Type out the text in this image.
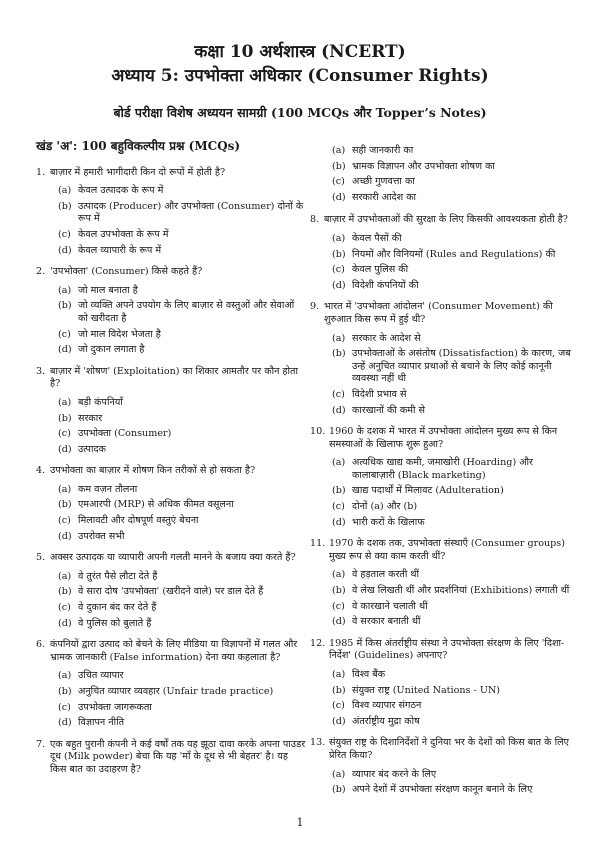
कक्षा 10 अर्थशास्त्र (NCERT)
अध्याय 5: उपभोक्ता अधिकार (Consumer Rights)
बोर्ड परीक्षा विशेष अध्ययन सामग्री (100 MCQs और Topper’s Notes)
खंड 'अ': 100 बहुविकल्पीय प्रश्न (MCQs)
1. बाज़ार में हमारी भागीदारी किन दो रूपों में होती है?
(a) केवल उत्पादक के रूप में
(b) उत्पादक (Producer) और उपभोक्ता (Consumer) दोनों के रूप में
(c) केवल उपभोक्ता के रूप में
(d) केवल व्यापारी के रूप में
2. 'उपभोक्ता' (Consumer) किसे कहते हैं?
(a) जो माल बनाता है
(b) जो व्यक्ति अपने उपयोग के लिए बाज़ार से वस्तुओं और सेवाओं को खरीदता है
(c) जो माल विदेश भेजता है
(d) जो दुकान लगाता है
3. बाज़ार में 'शोषण' (Exploitation) का शिकार आमतौर पर कौन होता है?
(a) बड़ी कंपनियाँ
(b) सरकार
(c) उपभोक्ता (Consumer)
(d) उत्पादक
4. उपभोक्ता का बाज़ार में शोषण किन तरीकों से हो सकता है?
(a) कम वज़न तौलना
(b) एमआरपी (MRP) से अधिक कीमत वसूलना
(c) मिलावटी और दोषपूर्ण वस्तुएं बेचना
(d) उपरोक्त सभी
5. अक्सर उत्पादक या व्यापारी अपनी गलती मानने के बजाय क्या करते हैं?
(a) वे तुरंत पैसे लौटा देते हैं
(b) वे सारा दोष 'उपभोक्ता' (खरीदने वाले) पर डाल देते हैं
(c) वे दुकान बंद कर देते हैं
(d) वे पुलिस को बुलाते हैं
6. कंपनियों द्वारा उत्पाद को बेचने के लिए मीडिया या विज्ञापनों में गलत और भ्रामक जानकारी (False information) देना क्या कहलाता है?
(a) उचित व्यापार
(b) अनुचित व्यापार व्यवहार (Unfair trade practice)
(c) उपभोक्ता जागरूकता
(d) विज्ञापन नीति
7. एक बहुत पुरानी कंपनी ने कई वर्षों तक यह झूठा दावा करके अपना पाउडर दूध (Milk powder) बेचा कि यह 'माँ के दूध से भी बेहतर' है। यह किस बात का उदाहरण है?
(a) सही जानकारी का
(b) भ्रामक विज्ञापन और उपभोक्ता शोषण का
(c) अच्छी गुणवत्ता का
(d) सरकारी आदेश का
8. बाज़ार में उपभोक्ताओं की सुरक्षा के लिए किसकी आवश्यकता होती है?
(a) केवल पैसों की
(b) नियमों और विनियमों (Rules and Regulations) की
(c) केवल पुलिस की
(d) विदेशी कंपनियों की
9. भारत में 'उपभोक्ता आंदोलन' (Consumer Movement) की शुरुआत किस रूप में हुई थी?
(a) सरकार के आदेश से
(b) उपभोक्ताओं के असंतोष (Dissatisfaction) के कारण, जब उन्हें अनुचित व्यापार प्रथाओं से बचाने के लिए कोई कानूनी व्यवस्था नहीं थी
(c) विदेशी प्रभाव से
(d) कारखानों की कमी से
10. 1960 के दशक में भारत में उपभोक्ता आंदोलन मुख्य रूप से किन समस्याओं के खिलाफ शुरू हुआ?
(a) अत्यधिक खाद्य कमी, जमाखोरी (Hoarding) और कालाबाज़ारी (Black marketing)
(b) खाद्य पदार्थों में मिलावट (Adulteration)
(c) दोनों (a) और (b)
(d) भारी करों के खिलाफ
11. 1970 के दशक तक, उपभोक्ता संस्थाएँ (Consumer groups) मुख्य रूप से क्या काम करती थीं?
(a) वे हड़ताल करती थीं
(b) वे लेख लिखती थीं और प्रदर्शनियां (Exhibitions) लगाती थीं
(c) वे कारखाने चलाती थीं
(d) वे सरकार बनाती थीं
12. 1985 में किस अंतर्राष्ट्रीय संस्था ने उपभोक्ता संरक्षण के लिए 'दिशा-निर्देश' (Guidelines) अपनाए?
(a) विश्व बैंक
(b) संयुक्त राष्ट्र (United Nations - UN)
(c) विश्व व्यापार संगठन
(d) अंतर्राष्ट्रीय मुद्रा कोष
13. संयुक्त राष्ट्र के दिशानिर्देशों ने दुनिया भर के देशों को किस बात के लिए प्रेरित किया?
(a) व्यापार बंद करने के लिए
(b) अपने देशों में उपभोक्ता संरक्षण कानून बनाने के लिए
1
